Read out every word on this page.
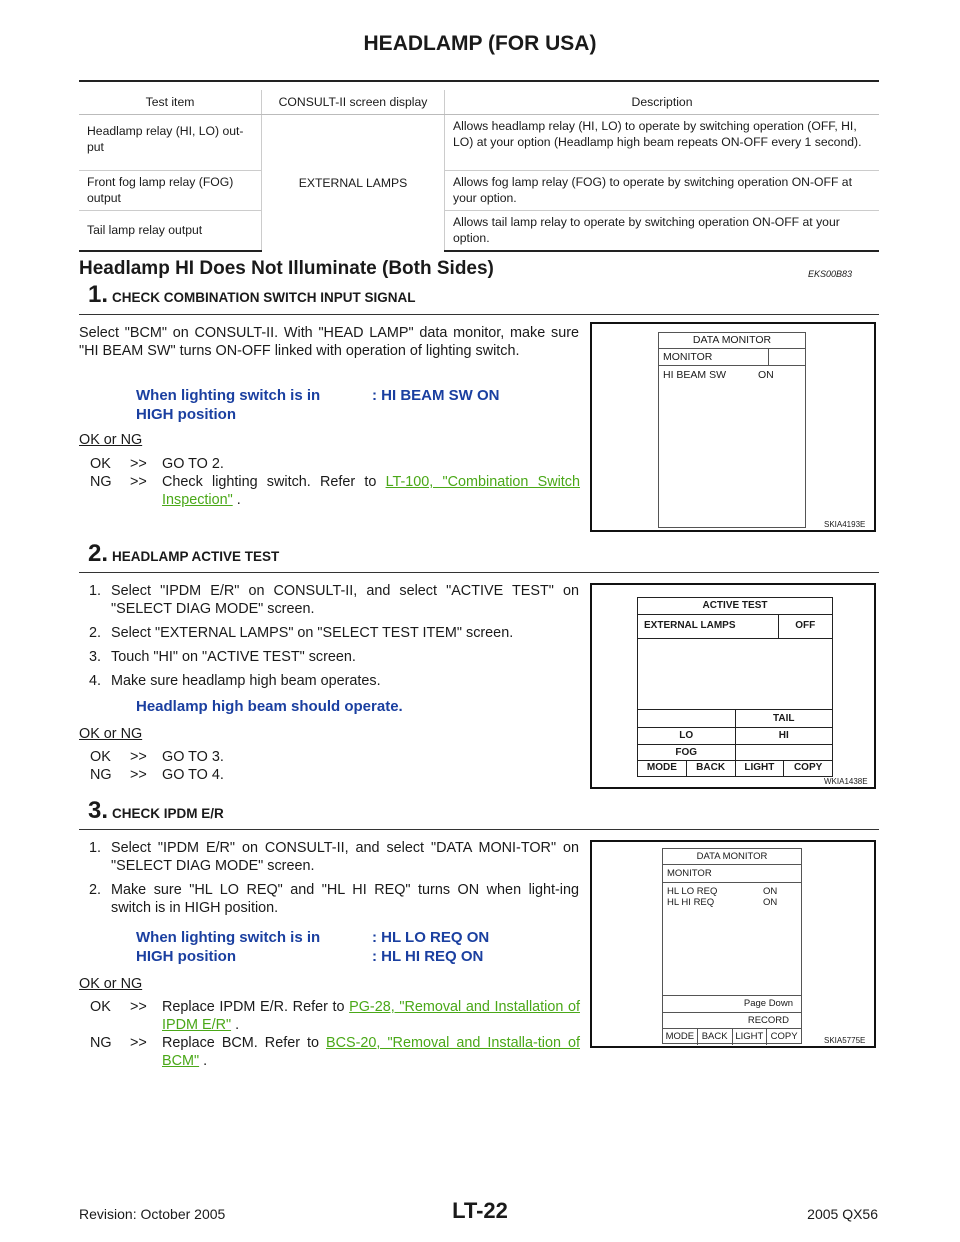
HEADLAMP (FOR USA)
Test item	CONSULT-II screen display	Description
Headlamp relay (HI, LO) out-put	EXTERNAL LAMPS	Allows headlamp relay (HI, LO) to operate by switching operation (OFF, HI, LO) at your option (Headlamp high beam repeats ON-OFF every 1 second).
Front fog lamp relay (FOG) output		Allows fog lamp relay (FOG) to operate by switching operation ON-OFF at your option.
Tail lamp relay output		Allows tail lamp relay to operate by switching operation ON-OFF at your option.
Headlamp HI Does Not Illuminate (Both Sides)	EKS00B83
1. CHECK COMBINATION SWITCH INPUT SIGNAL
Select "BCM" on CONSULT-II. With "HEAD LAMP" data monitor, make sure "HI BEAM SW" turns ON-OFF linked with operation of lighting switch.
When lighting switch is in	: HI BEAM SW ON
HIGH position
OK or NG
OK	>>	GO TO 2.
NG	>>	Check lighting switch. Refer to LT-100, "Combination Switch Inspection" .
DATA MONITOR
MONITOR
HI BEAM SW	ON
SKIA4193E
2. HEADLAMP ACTIVE TEST
1. Select "IPDM E/R" on CONSULT-II, and select "ACTIVE TEST" on "SELECT DIAG MODE" screen.
2. Select "EXTERNAL LAMPS" on "SELECT TEST ITEM" screen.
3. Touch "HI" on "ACTIVE TEST" screen.
4. Make sure headlamp high beam operates.
Headlamp high beam should operate.
OK or NG
OK	>>	GO TO 3.
NG	>>	GO TO 4.
ACTIVE TEST
EXTERNAL LAMPS	OFF
TAIL
LO	HI
FOG
MODE	BACK	LIGHT	COPY
WKIA1438E
3. CHECK IPDM E/R
1. Select "IPDM E/R" on CONSULT-II, and select "DATA MONI-TOR" on "SELECT DIAG MODE" screen.
2. Make sure "HL LO REQ" and "HL HI REQ" turns ON when light-ing switch is in HIGH position.
When lighting switch is in	: HL LO REQ ON
HIGH position	: HL HI REQ ON
OK or NG
OK	>>	Replace IPDM E/R. Refer to PG-28, "Removal and Installation of IPDM E/R" .
NG	>>	Replace BCM. Refer to BCS-20, "Removal and Installa-tion of BCM" .
DATA MONITOR
MONITOR
HL LO REQ	ON
HL HI REQ	ON
Page Down
RECORD
MODE BACK LIGHT COPY	SKIA5775E
Revision: October 2005	LT-22	2005 QX56
